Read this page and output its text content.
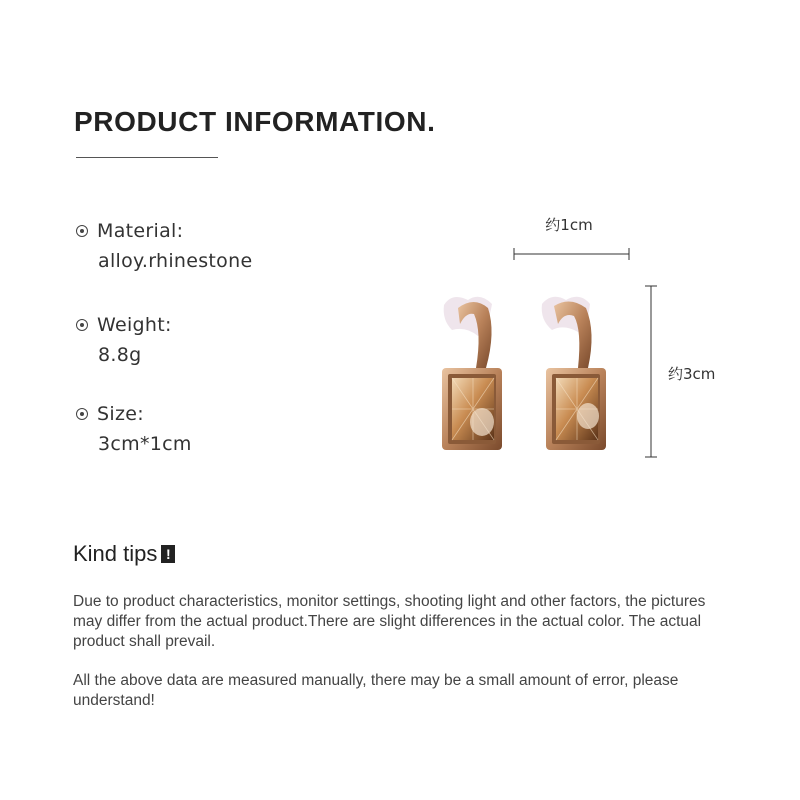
PRODUCT INFORMATION.
Material:
alloy.rhinestone
Weight:
8.8g
Size:
3cm*1cm
约1cm
约3cm
Kind tips !

Due to product characteristics, monitor settings, shooting light and other factors, the pictures may differ from the actual product.There are slight differences in the actual color. The actual product shall prevail.

All the above data are measured manually, there may be a small amount of error, please understand!
